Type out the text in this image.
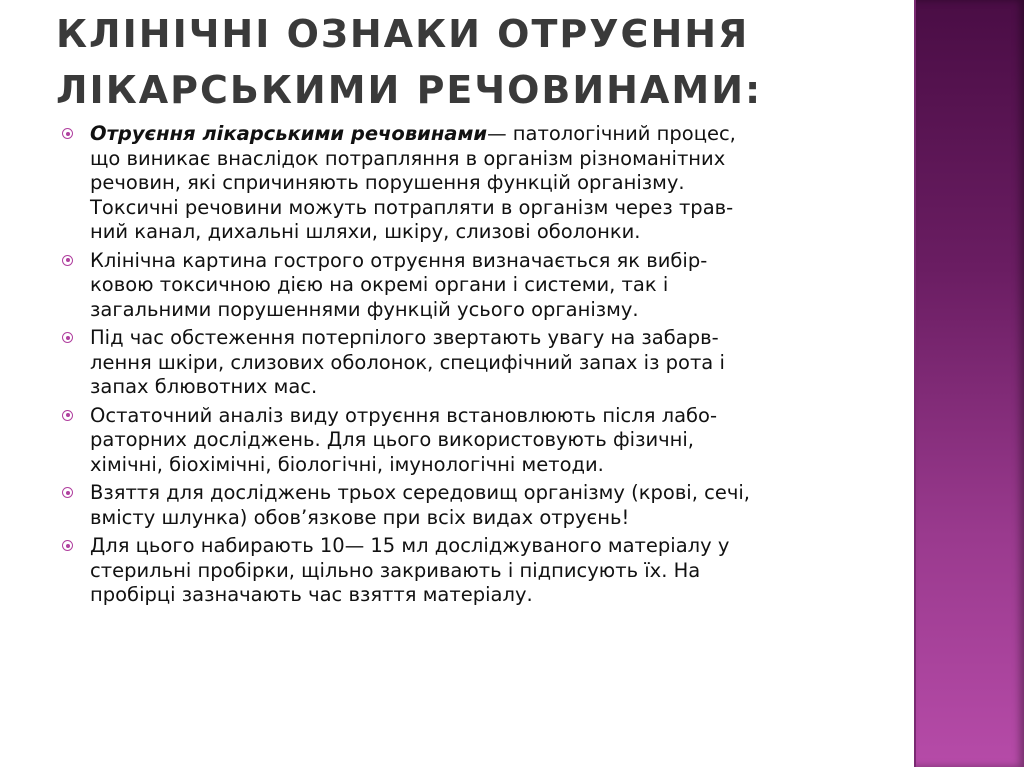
КЛІНІЧНІ ОЗНАКИ ОТРУЄННЯ
ЛІКАРСЬКИМИ РЕЧОВИНАМИ:
Отруєння лікарськими речовинами— патологічний процес,
що виникає внаслідок потрапляння в організм різноманітних
речовин, які спричиняють порушення функцій організму.
Токсичні речовини можуть потрапляти в організм через трав-
ний канал, дихальні шляхи, шкіру, слизові оболонки.
Клінічна картина гострого отруєння визначається як вибір-
ковою токсичною дією на окремі органи і системи, так і
загальними порушеннями функцій усього організму.
Під час обстеження потерпілого звертають увагу на забарв-
лення шкіри, слизових оболонок, специфічний запах із рота і
запах блювотних мас.
Остаточний аналіз виду отруєння встановлюють після лабо-
раторних досліджень. Для цього використовують фізичні,
хімічні, біохімічні, біологічні, імунологічні методи.
Взяття для досліджень трьох середовищ організму (крові, сечі,
вмісту шлунка) обов’язкове при всіх видах отруєнь!
Для цього набирають 10— 15 мл досліджуваного матеріалу у
стерильні пробірки, щільно закривають і підписують їх. На
пробірці зазначають час взяття матеріалу.
